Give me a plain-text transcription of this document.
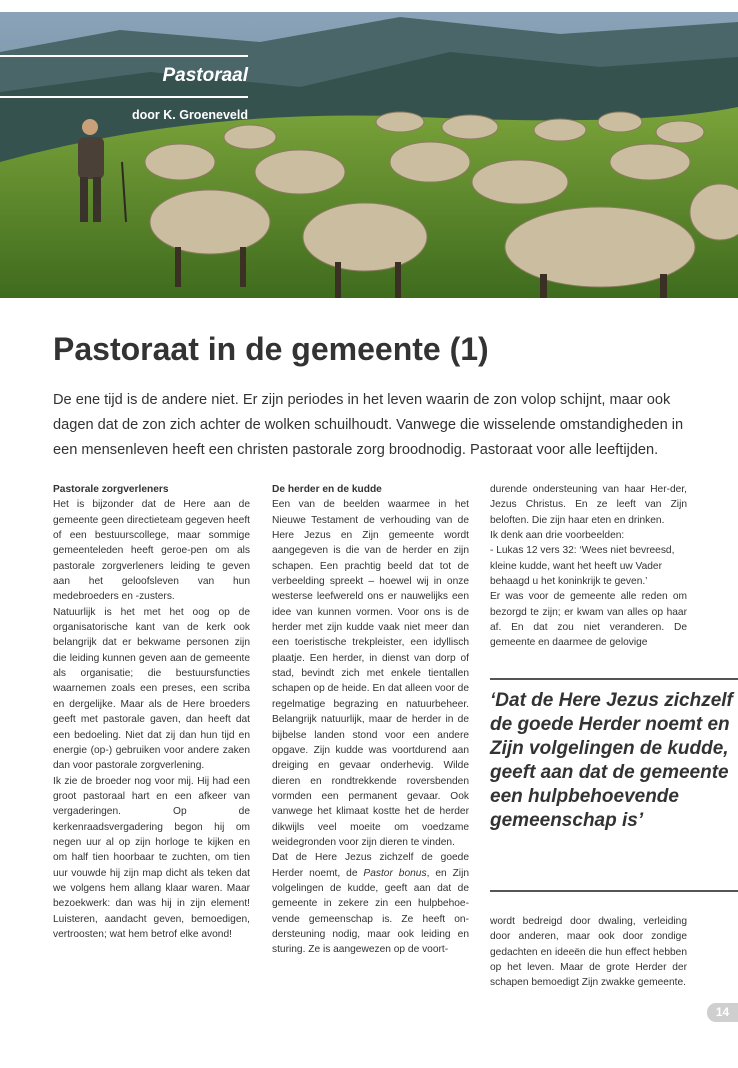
Pastoraal
door K. Groeneveld
Pastoraat in de gemeente (1)

De ene tijd is de andere niet. Er zijn periodes in het leven waarin de zon volop schijnt, maar ook dagen dat de zon zich achter de wolken schuilhoudt. Vanwege die wisselende omstandigheden in een mensenleven heeft een christen pastorale zorg broodnodig. Pastoraat voor alle leeftijden.

Pastorale zorgverleners

Het is bijzonder dat de Here aan de gemeente geen directieteam gegeven heeft of een bestuurscollege, maar sommige gemeenteleden heeft geroe-pen om als pastorale zorgverleners leiding te geven aan het geloofsleven van hun medebroeders en -zusters.

Natuurlijk is het met het oog op de organisatorische kant van de kerk ook belangrijk dat er bekwame personen zijn die leiding kunnen geven aan de gemeente als organisatie; die bestuursfuncties waarnemen zoals een preses, een scriba en dergelijke. Maar als de Here broeders geeft met pastorale gaven, dan heeft dat een bedoeling. Niet dat zij dan hun tijd en energie (op-) gebruiken voor andere zaken dan voor pastorale zorgverlening.

Ik zie de broeder nog voor mij. Hij had een groot pastoraal hart en een afkeer van vergaderingen. Op de kerkenraadsvergadering begon hij om negen uur al op zijn horloge te kijken en om half tien hoorbaar te zuchten, om tien uur vouwde hij zijn map dicht als teken dat we volgens hem allang klaar waren. Maar bezoekwerk: dan was hij in zijn element! Luisteren, aandacht geven, bemoedigen, vertroosten; wat hem betrof elke avond!

De herder en de kudde

Een van de beelden waarmee in het Nieuwe Testament de verhouding van de Here Jezus en Zijn gemeente wordt aangegeven is die van de herder en zijn schapen. Een prachtig beeld dat tot de verbeelding spreekt – hoewel wij in onze westerse leefwereld ons er nauwelijks een idee van kunnen vormen. Voor ons is de herder met zijn kudde vaak niet meer dan een toeristische trekpleister, een idyllisch plaatje. Een herder, in dienst van dorp of stad, bevindt zich met enkele tientallen schapen op de heide. En dat alleen voor de regelmatige begrazing en natuurbeheer. Belangrijk natuurlijk, maar de herder in de bijbelse landen stond voor een andere opgave. Zijn kudde was voortdurend aan dreiging en gevaar onderhevig. Wilde dieren en rondtrekkende roversbenden vormden een permanent gevaar. Ook vanwege het klimaat kostte het de herder dikwijls veel moeite om voedzame weidegronden voor zijn dieren te vinden.

Dat de Here Jezus zichzelf de goede Herder noemt, de Pastor bonus, en Zijn volgelingen de kudde, geeft aan dat de gemeente in zekere zin een hulpbehoe-vende gemeenschap is. Ze heeft on-dersteuning nodig, maar ook leiding en sturing. Ze is aangewezen op de voort-

durende ondersteuning van haar Her-der, Jezus Christus. En ze leeft van Zijn beloften. Die zijn haar eten en drinken.

Ik denk aan drie voorbeelden:

- Lukas 12 vers 32: ‘Wees niet bevreesd, kleine kudde, want het heeft uw Vader behaagd u het koninkrijk te geven.’

Er was voor de gemeente alle reden om bezorgd te zijn; er kwam van alles op haar af. En dat zou niet veranderen. De gemeente en daarmee de gelovige

‘Dat de Here Jezus zichzelf de goede Herder noemt en Zijn volgelingen de kudde, geeft aan dat de gemeente een hulpbehoevende gemeenschap is’

wordt bedreigd door dwaling, verleiding door anderen, maar ook door zondige gedachten en ideeën die hun effect hebben op het leven. Maar de grote Herder der schapen bemoedigt Zijn zwakke gemeente.

14
